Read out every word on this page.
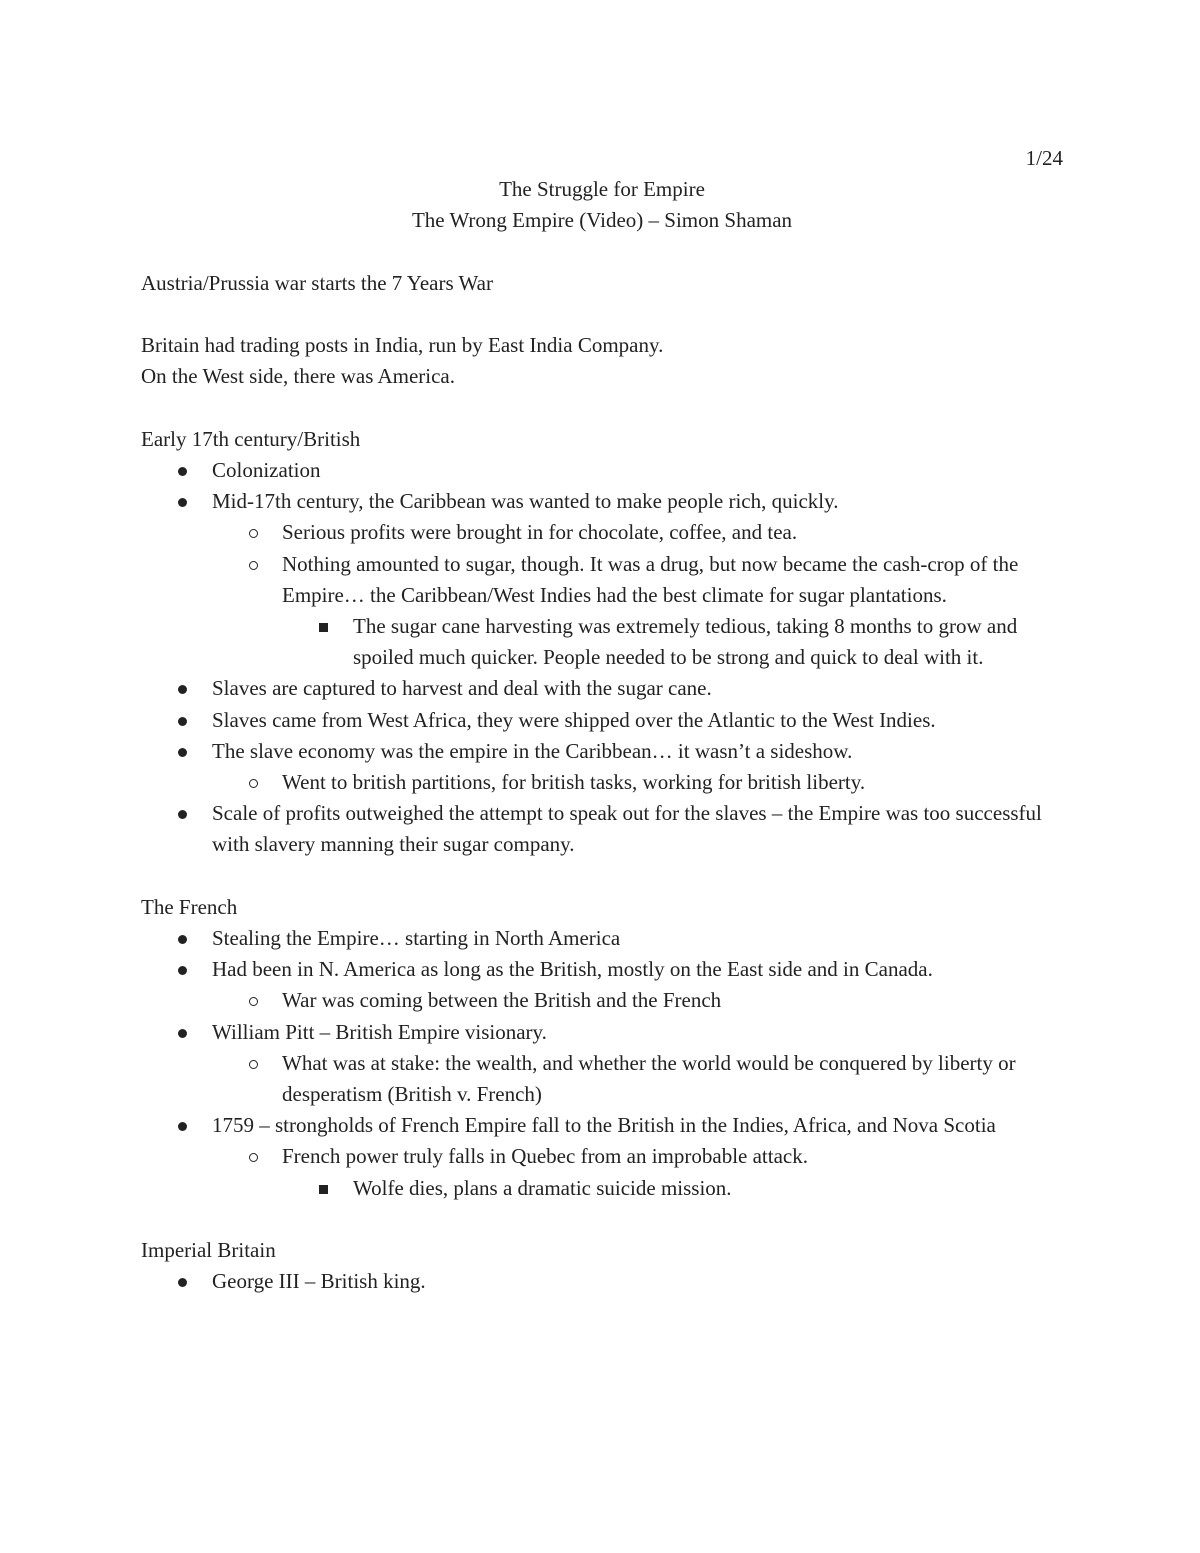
1/24

The Struggle for Empire

The Wrong Empire (Video) – Simon Shaman

Austria/Prussia war starts the 7 Years War

Britain had trading posts in India, run by East India Company.

On the West side, there was America.

Early 17th century/British

Colonization
Mid-17th century, the Caribbean was wanted to make people rich, quickly.
Serious profits were brought in for chocolate, coffee, and tea.
Nothing amounted to sugar, though. It was a drug, but now became the cash-crop of the Empire… the Caribbean/West Indies had the best climate for sugar plantations.
The sugar cane harvesting was extremely tedious, taking 8 months to grow and spoiled much quicker. People needed to be strong and quick to deal with it.
Slaves are captured to harvest and deal with the sugar cane.
Slaves came from West Africa, they were shipped over the Atlantic to the West Indies.
The slave economy was the empire in the Caribbean… it wasn’t a sideshow.
Went to british partitions, for british tasks, working for british liberty.
Scale of profits outweighed the attempt to speak out for the slaves – the Empire was too successful with slavery manning their sugar company.

The French

Stealing the Empire… starting in North America
Had been in N. America as long as the British, mostly on the East side and in Canada.
War was coming between the British and the French
William Pitt – British Empire visionary.
What was at stake: the wealth, and whether the world would be conquered by liberty or desperatism (British v. French)
1759 – strongholds of French Empire fall to the British in the Indies, Africa, and Nova Scotia
French power truly falls in Quebec from an improbable attack.
Wolfe dies, plans a dramatic suicide mission.

Imperial Britain

George III – British king.
